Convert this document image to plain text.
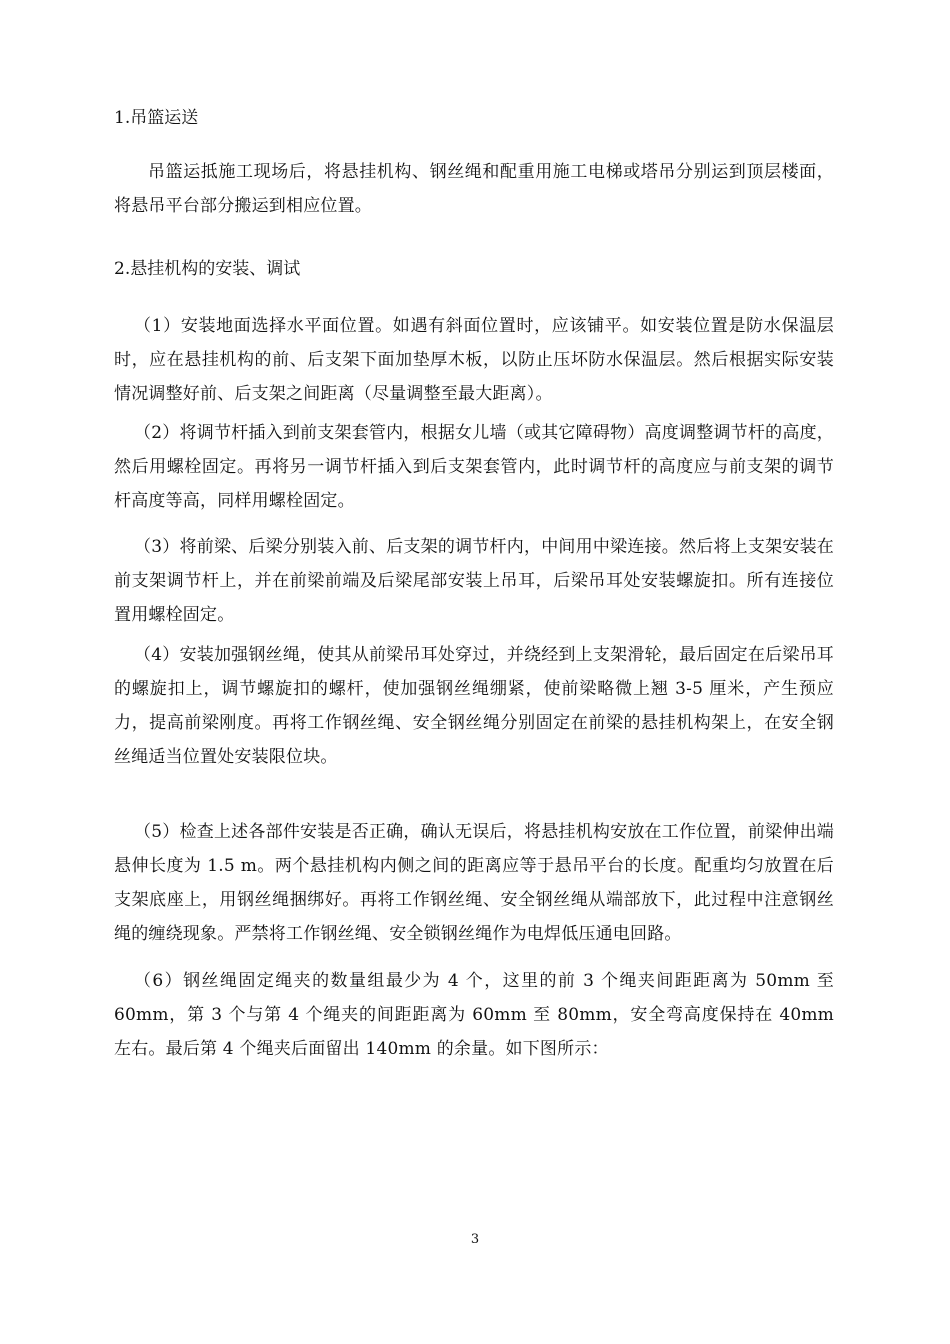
1.吊篮运送
吊篮运抵施工现场后，将悬挂机构、钢丝绳和配重用施工电梯或塔吊分别运到顶层楼面，将悬吊平台部分搬运到相应位置。
2.悬挂机构的安装、调试
（1）安装地面选择水平面位置。如遇有斜面位置时，应该铺平。如安装位置是防水保温层时，应在悬挂机构的前、后支架下面加垫厚木板，以防止压坏防水保温层。然后根据实际安装情况调整好前、后支架之间距离（尽量调整至最大距离）。
（2）将调节杆插入到前支架套管内，根据女儿墙（或其它障碍物）高度调整调节杆的高度，然后用螺栓固定。再将另一调节杆插入到后支架套管内，此时调节杆的高度应与前支架的调节杆高度等高，同样用螺栓固定。
（3）将前梁、后梁分别装入前、后支架的调节杆内，中间用中梁连接。然后将上支架安装在前支架调节杆上，并在前梁前端及后梁尾部安装上吊耳，后梁吊耳处安装螺旋扣。所有连接位置用螺栓固定。
（4）安装加强钢丝绳，使其从前梁吊耳处穿过，并绕经到上支架滑轮，最后固定在后梁吊耳的螺旋扣上，调节螺旋扣的螺杆，使加强钢丝绳绷紧，使前梁略微上翘 3-5 厘米，产生预应力，提高前梁刚度。再将工作钢丝绳、安全钢丝绳分别固定在前梁的悬挂机构架上，在安全钢丝绳适当位置处安装限位块。
（5）检查上述各部件安装是否正确，确认无误后，将悬挂机构安放在工作位置，前梁伸出端悬伸长度为 1.5 m。两个悬挂机构内侧之间的距离应等于悬吊平台的长度。配重均匀放置在后支架底座上，用钢丝绳捆绑好。再将工作钢丝绳、安全钢丝绳从端部放下，此过程中注意钢丝绳的缠绕现象。严禁将工作钢丝绳、安全锁钢丝绳作为电焊低压通电回路。
（6）钢丝绳固定绳夹的数量组最少为 4 个，这里的前 3 个绳夹间距距离为 50mm 至 60mm，第 3 个与第 4 个绳夹的间距距离为 60mm 至 80mm，安全弯高度保持在 40mm 左右。最后第 4 个绳夹后面留出 140mm 的余量。如下图所示：
3
